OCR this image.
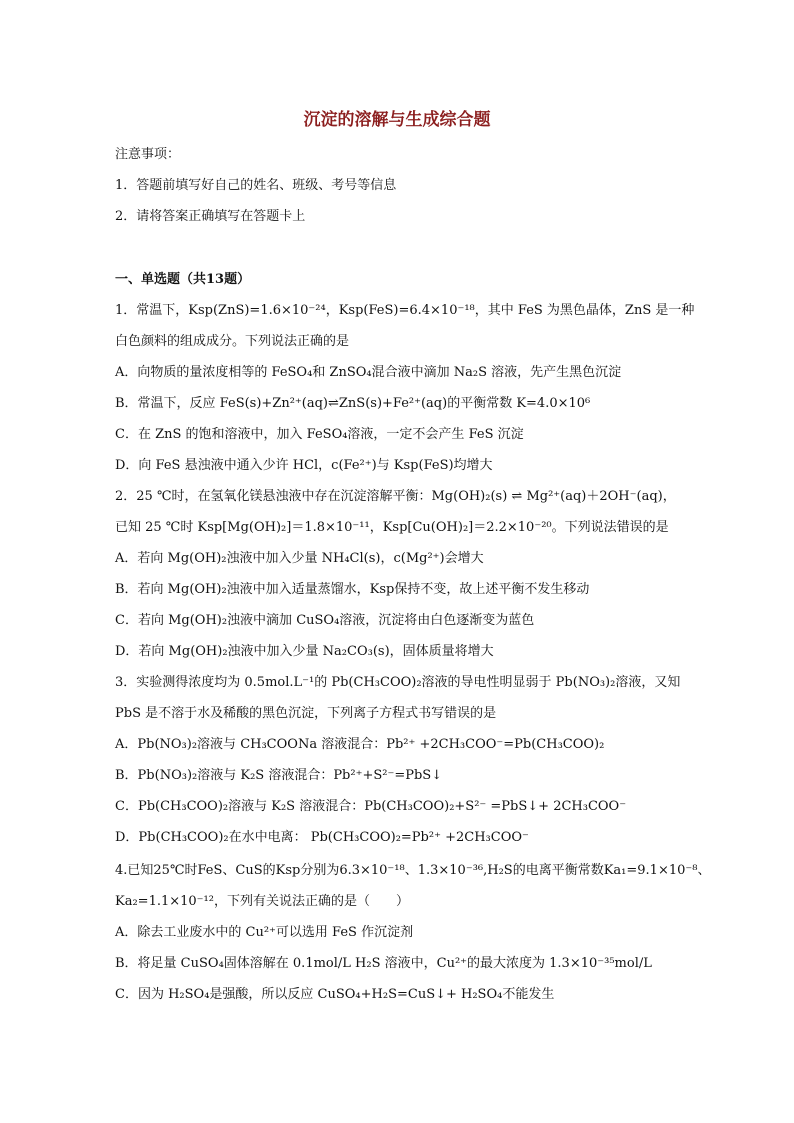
沉淀的溶解与生成综合题
注意事项：
1．答题前填写好自己的姓名、班级、考号等信息
2．请将答案正确填写在答题卡上
一、单选题（共13题）
1．常温下，Ksp(ZnS)=1.6×10⁻²⁴，Ksp(FeS)=6.4×10⁻¹⁸，其中 FeS 为黑色晶体，ZnS 是一种
白色颜料的组成成分。下列说法正确的是
A．向物质的量浓度相等的 FeSO₄和 ZnSO₄混合液中滴加 Na₂S 溶液，先产生黑色沉淀
B．常温下，反应 FeS(s)+Zn²⁺(aq)⇌ZnS(s)+Fe²⁺(aq)的平衡常数 K=4.0×10⁶
C．在 ZnS 的饱和溶液中，加入 FeSO₄溶液，一定不会产生 FeS 沉淀
D．向 FeS 悬浊液中通入少许 HCl，c(Fe²⁺)与 Ksp(FeS)均增大
2．25 ℃时，在氢氧化镁悬浊液中存在沉淀溶解平衡：Mg(OH)₂(s) ⇌ Mg²⁺(aq)＋2OH⁻(aq)，
已知 25 ℃时 Ksp[Mg(OH)₂]＝1.8×10⁻¹¹，Ksp[Cu(OH)₂]＝2.2×10⁻²⁰。下列说法错误的是
A．若向 Mg(OH)₂浊液中加入少量 NH₄Cl(s)，c(Mg²⁺)会增大
B．若向 Mg(OH)₂浊液中加入适量蒸馏水，Ksp保持不变，故上述平衡不发生移动
C．若向 Mg(OH)₂浊液中滴加 CuSO₄溶液，沉淀将由白色逐渐变为蓝色
D．若向 Mg(OH)₂浊液中加入少量 Na₂CO₃(s)，固体质量将增大
3．实验测得浓度均为 0.5mol.L⁻¹的 Pb(CH₃COO)₂溶液的导电性明显弱于 Pb(NO₃)₂溶液，又知
PbS 是不溶于水及稀酸的黑色沉淀，下列离子方程式书写错误的是
A．Pb(NO₃)₂溶液与 CH₃COONa 溶液混合：Pb²⁺ +2CH₃COO⁻=Pb(CH₃COO)₂
B．Pb(NO₃)₂溶液与 K₂S 溶液混合：Pb²⁺+S²⁻=PbS↓
C．Pb(CH₃COO)₂溶液与 K₂S 溶液混合：Pb(CH₃COO)₂+S²⁻ =PbS↓+ 2CH₃COO⁻
D．Pb(CH₃COO)₂在水中电离： Pb(CH₃COO)₂=Pb²⁺ +2CH₃COO⁻
4.已知25℃时FeS、CuS的Ksp分别为6.3×10⁻¹⁸、1.3×10⁻³⁶,H₂S的电离平衡常数Ka₁=9.1×10⁻⁸、
Ka₂=1.1×10⁻¹²，下列有关说法正确的是（　　）
A．除去工业废水中的 Cu²⁺可以选用 FeS 作沉淀剂
B．将足量 CuSO₄固体溶解在 0.1mol/L H₂S 溶液中，Cu²⁺的最大浓度为 1.3×10⁻³⁵mol/L
C．因为 H₂SO₄是强酸，所以反应 CuSO₄+H₂S=CuS↓+ H₂SO₄不能发生
